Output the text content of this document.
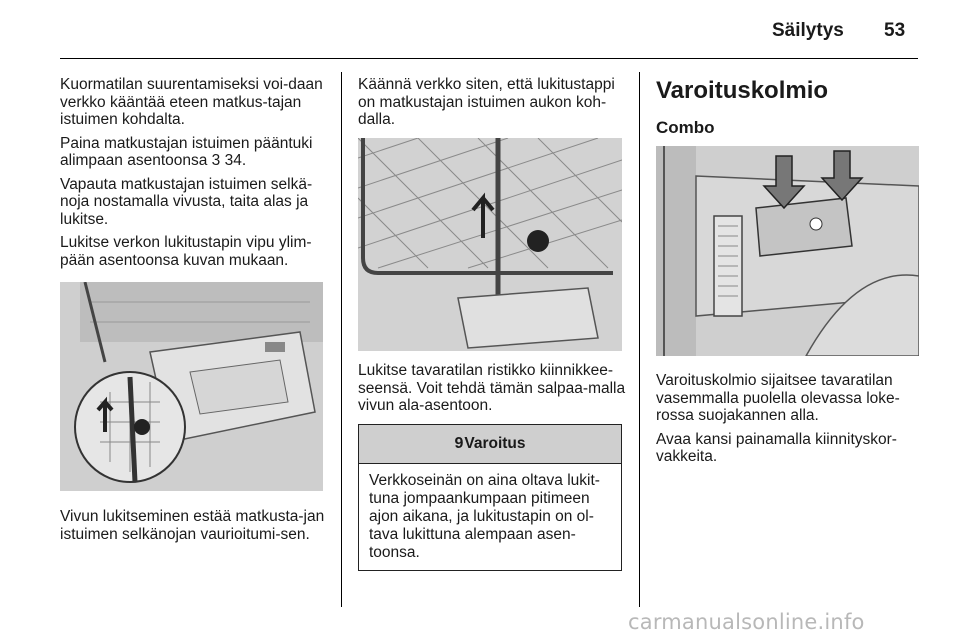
Säilytys 53

Kuormatilan suurentamiseksi voi-daan verkko kääntää eteen matkus-tajan istuimen kohdalta.

Paina matkustajan istuimen pääntuki alimpaan asentoonsa 3 34.

Vapauta matkustajan istuimen selkä-noja nostamalla vivusta, taita alas ja lukitse.

Lukitse verkon lukitustapin vipu ylim-pään asentoonsa kuvan mukaan.

Vivun lukitseminen estää matkusta-jan istuimen selkänojan vaurioitumi-sen.

Käännä verkko siten, että lukitustappi on matkustajan istuimen aukon koh-dalla.

Lukitse tavaratilan ristikko kiinnikkee-seensä. Voit tehdä tämän salpaa-malla vivun ala-asentoon.

9 Varoitus
Verkkoseinän on aina oltava lukit-tuna jompaankumpaan pitimeen ajon aikana, ja lukitustapin on ol-tava lukittuna alempaan asen-toonsa.
Varoituskolmio
Combo

Varoituskolmio sijaitsee tavaratilan vasemmalla puolella olevassa loke-rossa suojakannen alla.

Avaa kansi painamalla kiinnityskor-vakkeita.

carmanualsonline.info
